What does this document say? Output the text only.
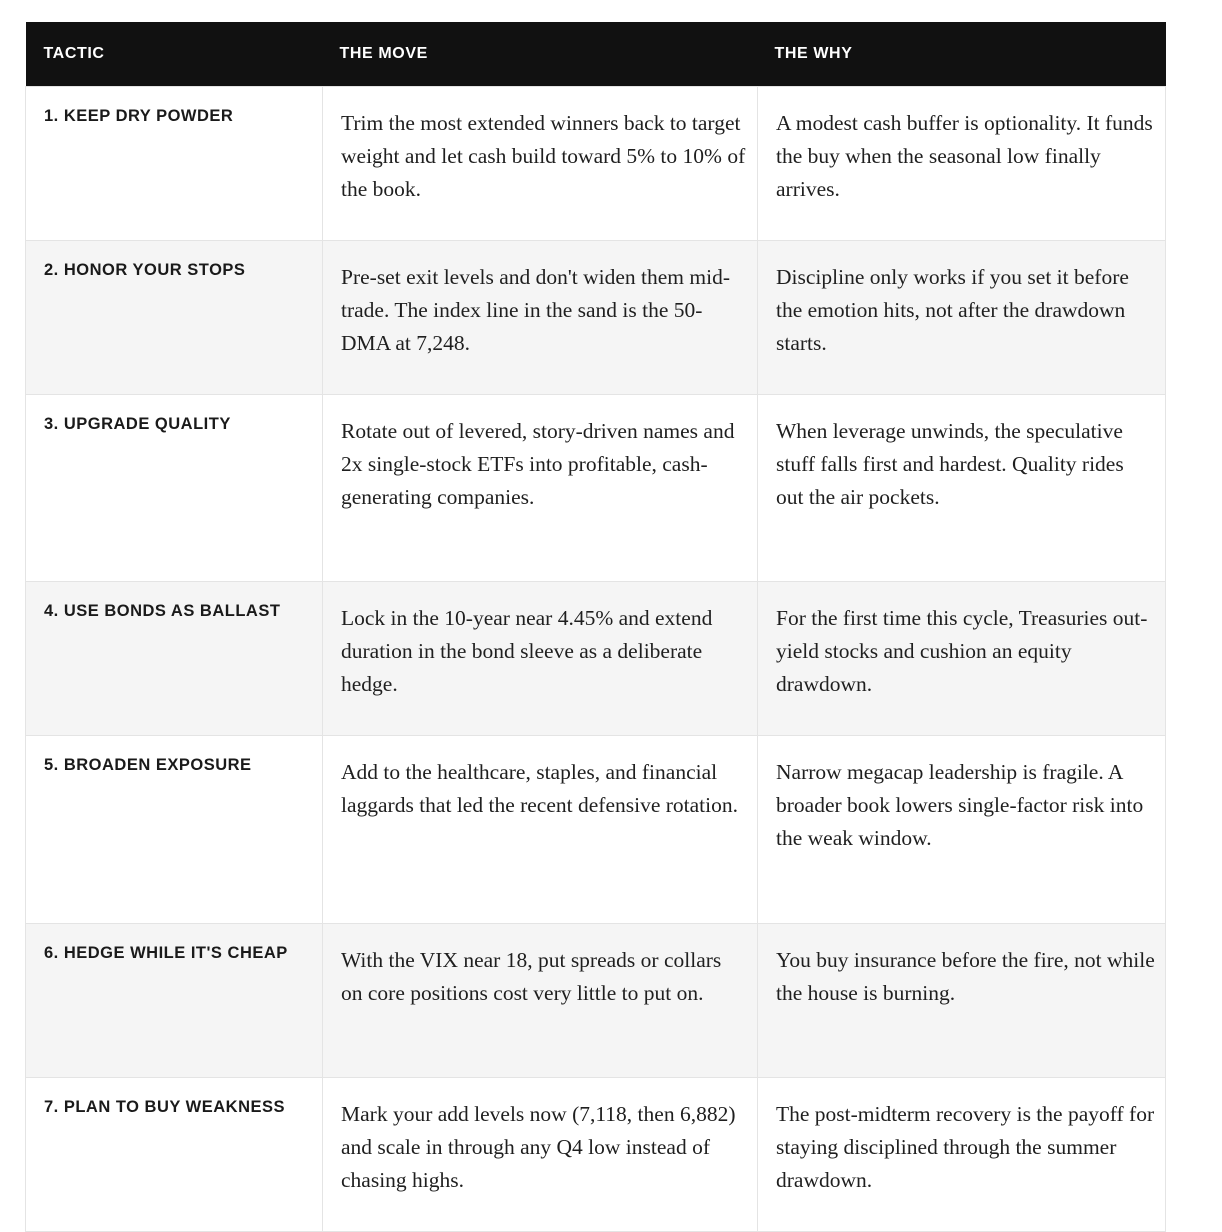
TACTIC	THE MOVE	THE WHY
1. KEEP DRY POWDER	Trim the most extended winners back to target weight and let cash build toward 5% to 10% of the book.	A modest cash buffer is optionality. It funds the buy when the seasonal low finally arrives.
2. HONOR YOUR STOPS	Pre-set exit levels and don't widen them mid-trade. The index line in the sand is the 50-DMA at 7,248.	Discipline only works if you set it before the emotion hits, not after the drawdown starts.
3. UPGRADE QUALITY	Rotate out of levered, story-driven names and 2x single-stock ETFs into profitable, cash-generating companies.	When leverage unwinds, the speculative stuff falls first and hardest. Quality rides out the air pockets.
4. USE BONDS AS BALLAST	Lock in the 10-year near 4.45% and extend duration in the bond sleeve as a deliberate hedge.	For the first time this cycle, Treasuries out-yield stocks and cushion an equity drawdown.
5. BROADEN EXPOSURE	Add to the healthcare, staples, and financial laggards that led the recent defensive rotation.	Narrow megacap leadership is fragile. A broader book lowers single-factor risk into the weak window.
6. HEDGE WHILE IT'S CHEAP	With the VIX near 18, put spreads or collars on core positions cost very little to put on.	You buy insurance before the fire, not while the house is burning.
7. PLAN TO BUY WEAKNESS	Mark your add levels now (7,118, then 6,882) and scale in through any Q4 low instead of chasing highs.	The post-midterm recovery is the payoff for staying disciplined through the summer drawdown.
